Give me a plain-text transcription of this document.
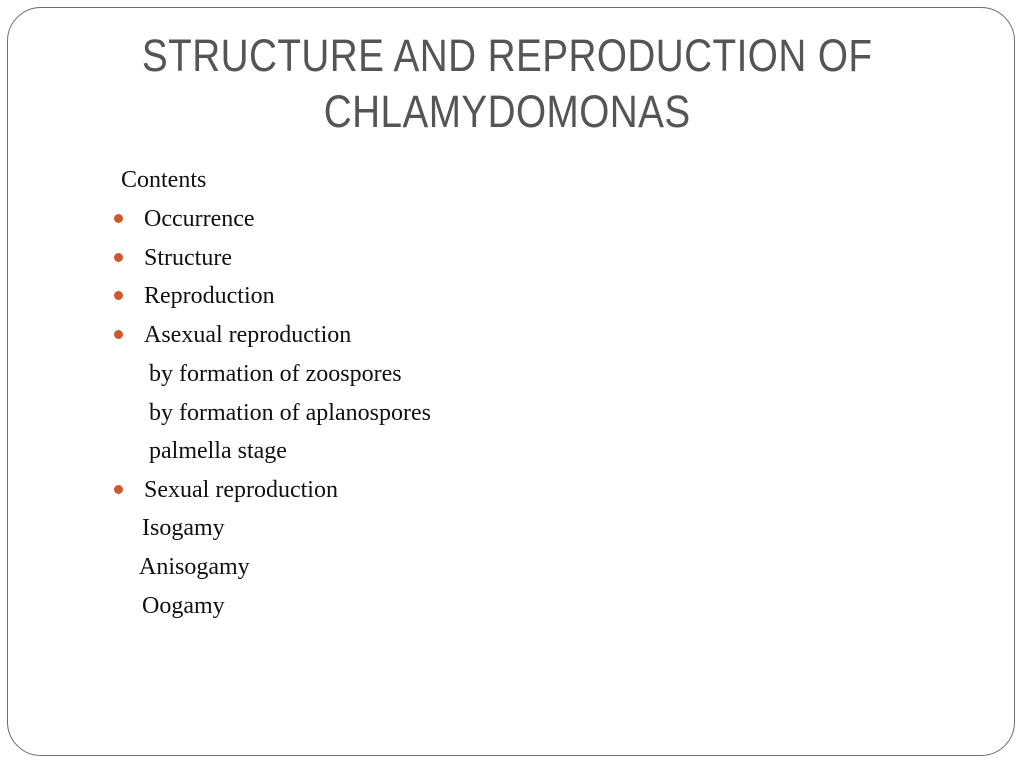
STRUCTURE AND REPRODUCTION OF
CHLAMYDOMONAS
Contents
Occurrence
Structure
Reproduction
Asexual reproduction
by formation of zoospores
by formation of aplanospores
palmella stage
Sexual reproduction
Isogamy
Anisogamy
Oogamy
